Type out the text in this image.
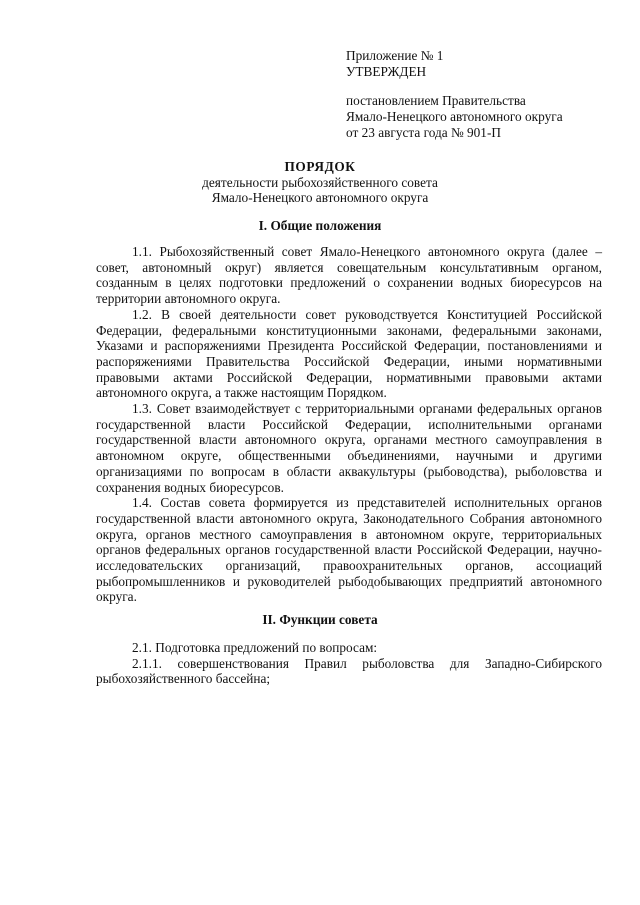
Приложение № 1
УТВЕРЖДЕН
постановлением Правительства
Ямало-Ненецкого автономного округа
от 23 августа года № 901-П
ПОРЯДОК
деятельности рыбохозяйственного совета
Ямало-Ненецкого автономного округа
I. Общие положения

1.1. Рыбохозяйственный совет Ямало-Ненецкого автономного округа (далее – совет, автономный округ) является совещательным консультативным органом, созданным в целях подготовки предложений о сохранении водных биоресурсов на территории автономного округа.

1.2. В своей деятельности совет руководствуется Конституцией Российской Федерации, федеральными конституционными законами, федеральными законами, Указами и распоряжениями Президента Российской Федерации, постановлениями и распоряжениями Правительства Российской Федерации, иными нормативными правовыми актами Российской Федерации, нормативными правовыми актами автономного округа, а также настоящим Порядком.

1.3. Совет взаимодействует с территориальными органами федеральных органов государственной власти Российской Федерации, исполнительными органами государственной власти автономного округа, органами местного самоуправления в автономном округе, общественными объединениями, научными и другими организациями по вопросам в области аквакультуры (рыбоводства), рыболовства и сохранения водных биоресурсов.

1.4. Состав совета формируется из представителей исполнительных органов государственной власти автономного округа, Законодательного Собрания автономного округа, органов местного самоуправления в автономном округе, территориальных органов федеральных органов государственной власти Российской Федерации, научно-исследовательских организаций, правоохранительных органов, ассоциаций рыбопромышленников и руководителей рыбодобывающих предприятий автономного округа.

II. Функции совета

2.1. Подготовка предложений по вопросам:

2.1.1. совершенствования Правил рыболовства для Западно-Сибирского рыбохозяйственного бассейна;
